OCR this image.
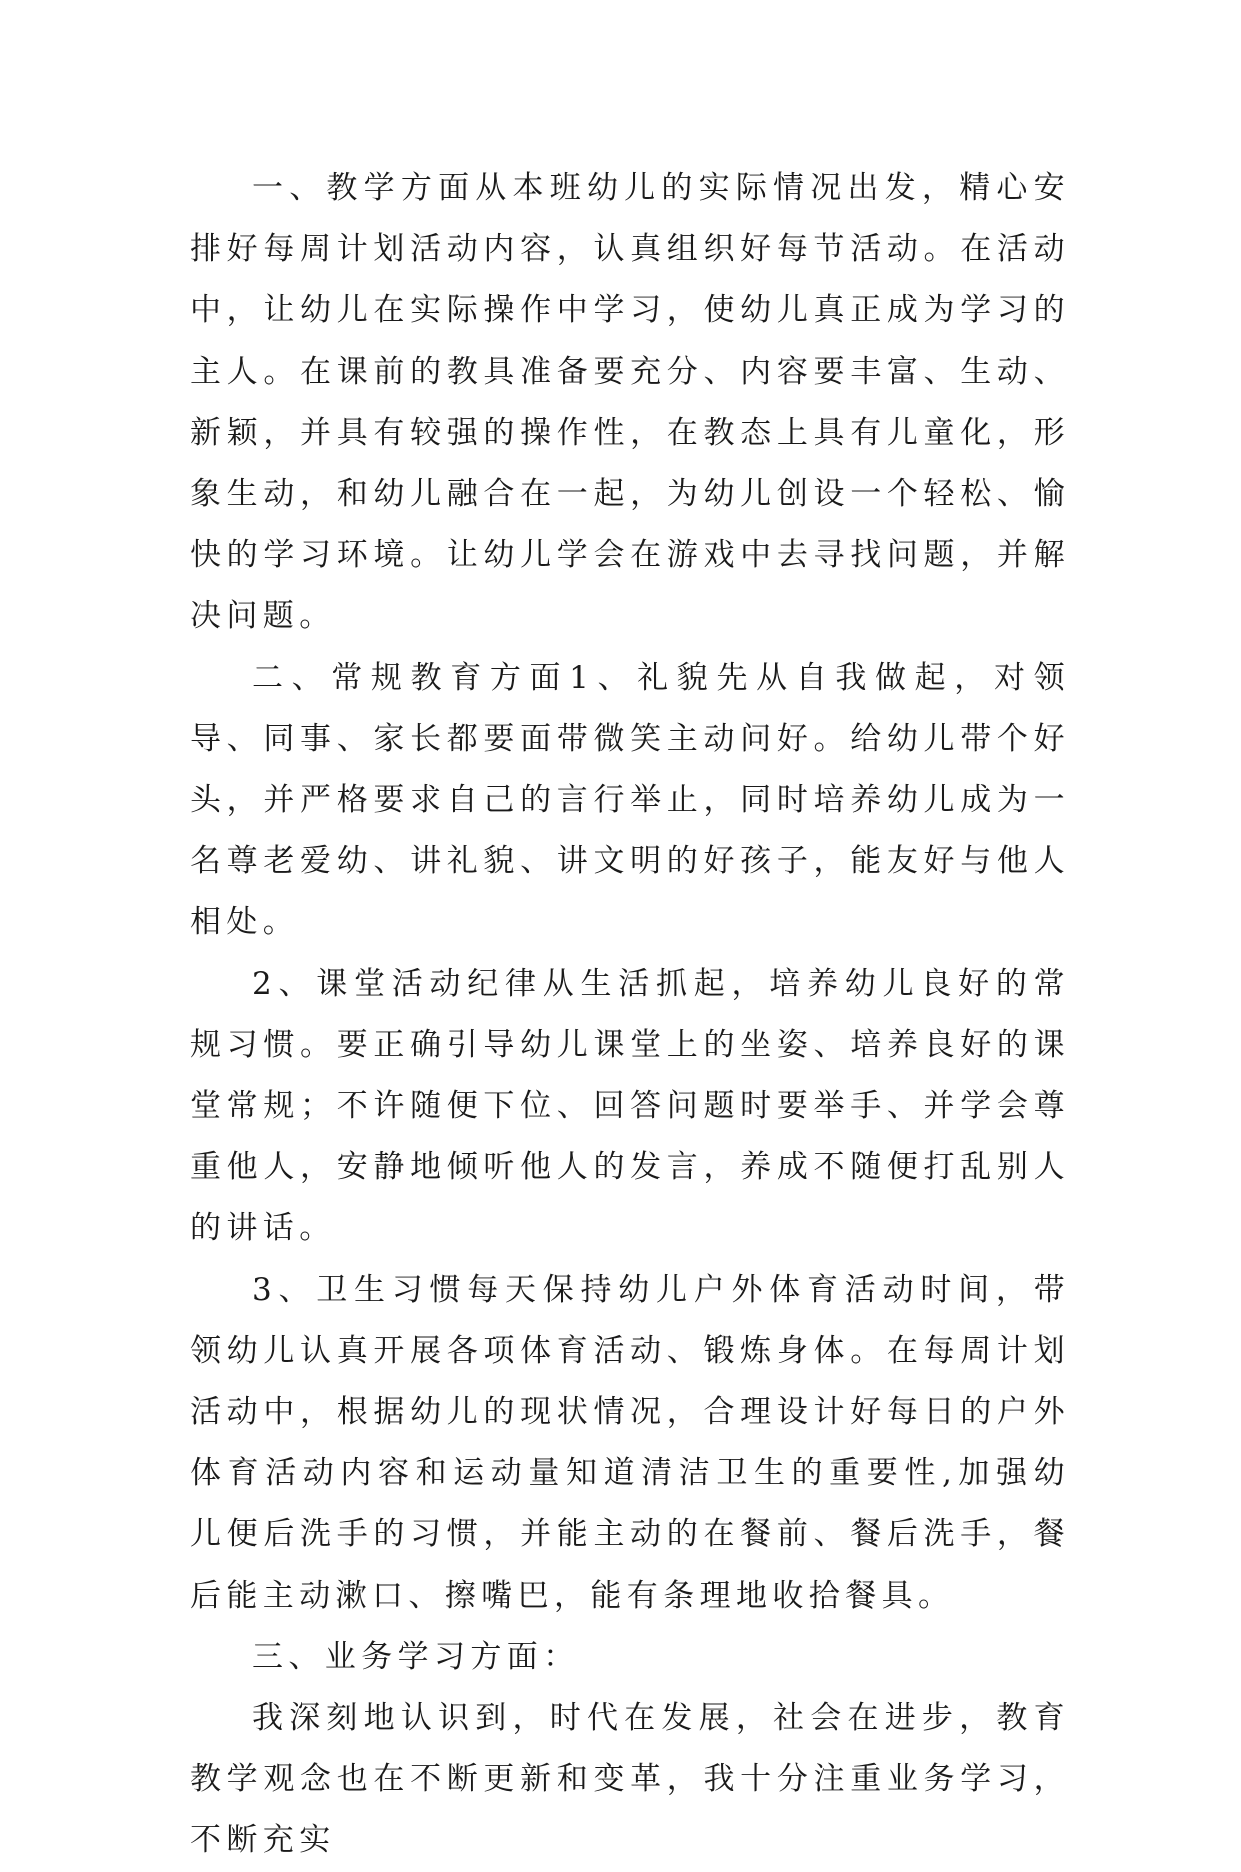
一、教学方面从本班幼儿的实际情况出发，精心安排好每周计划活动内容，认真组织好每节活动。在活动中，让幼儿在实际操作中学习，使幼儿真正成为学习的主人。在课前的教具准备要充分、内容要丰富、生动、新颖，并具有较强的操作性，在教态上具有儿童化，形象生动，和幼儿融合在一起，为幼儿创设一个轻松、愉快的学习环境。让幼儿学会在游戏中去寻找问题，并解决问题。

二、常规教育方面1、礼貌先从自我做起，对领导、同事、家长都要面带微笑主动问好。给幼儿带个好头，并严格要求自己的言行举止，同时培养幼儿成为一名尊老爱幼、讲礼貌、讲文明的好孩子，能友好与他人相处。

2、课堂活动纪律从生活抓起，培养幼儿良好的常规习惯。要正确引导幼儿课堂上的坐姿、培养良好的课堂常规；不许随便下位、回答问题时要举手、并学会尊重他人，安静地倾听他人的发言，养成不随便打乱别人的讲话。

3、卫生习惯每天保持幼儿户外体育活动时间，带领幼儿认真开展各项体育活动、锻炼身体。在每周计划活动中，根据幼儿的现状情况，合理设计好每日的户外体育活动内容和运动量知道清洁卫生的重要性,加强幼儿便后洗手的习惯，并能主动的在餐前、餐后洗手，餐后能主动漱口、擦嘴巴，能有条理地收拾餐具。

三、业务学习方面：

我深刻地认识到，时代在发展，社会在进步，教育教学观念也在不断更新和变革，我十分注重业务学习，不断充实
